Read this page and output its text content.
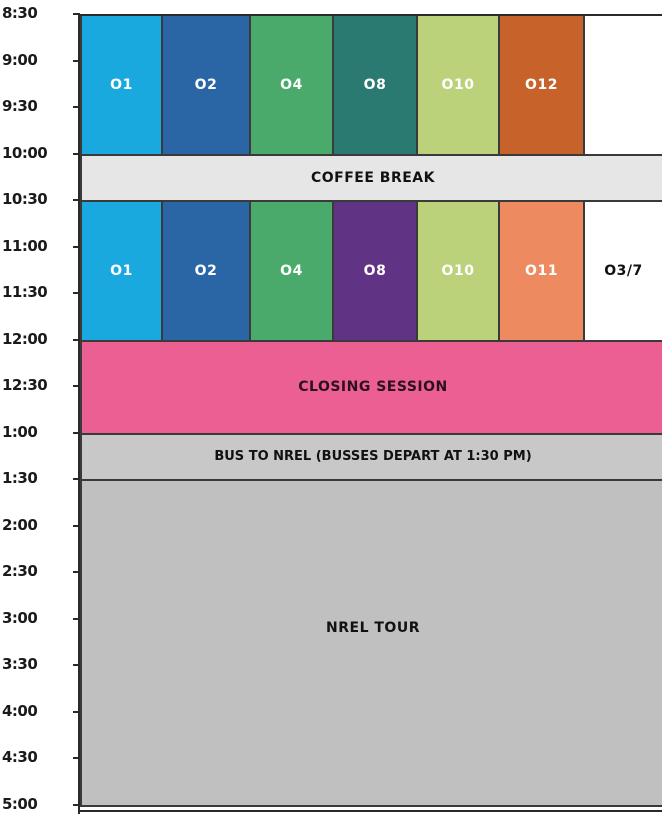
8:30
9:00
9:30
10:00
10:30
11:00
11:30
12:00
12:30
1:00
1:30
2:00
2:30
3:00
3:30
4:00
4:30
5:00
O1	O2	O4	O8	O10	O12
COFFEE BREAK
O1	O2	O4	O8	O10	O11	O3/7
CLOSING SESSION
BUS TO NREL (BUSSES DEPART AT 1:30 PM)
NREL TOUR
